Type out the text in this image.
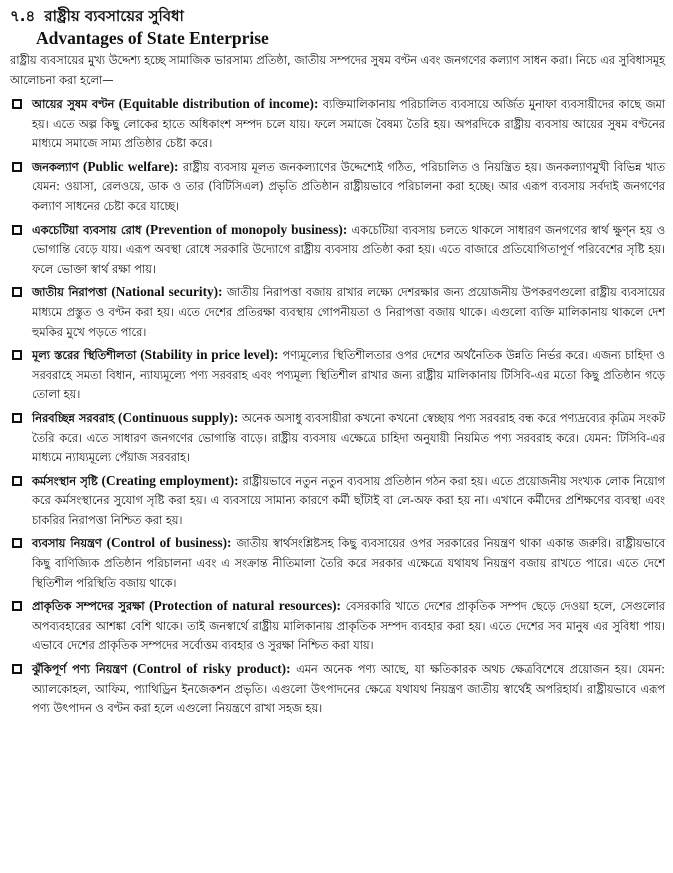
৭.৪ রাষ্ট্রীয় ব্যবসায়ের সুবিধা
Advantages of State Enterprise

রাষ্ট্রীয় ব্যবসায়ের মুখ্য উদ্দেশ্য হচ্ছে সামাজিক ভারসাম্য প্রতিষ্ঠা, জাতীয় সম্পদের সুষম বণ্টন এবং জনগণের কল্যাণ সাধন করা। নিচে এর সুবিধাসমূহ আলোচনা করা হলো—

আয়ের সুষম বণ্টন (Equitable distribution of income): ব্যক্তিমালিকানায় পরিচালিত ব্যবসায়ে অর্জিত মুনাফা ব্যবসায়ীদের কাছে জমা হয়। এতে অল্প কিছু লোকের হাতে অধিকাংশ সম্পদ চলে যায়। ফলে সমাজে বৈষম্য তৈরি হয়। অপরদিকে রাষ্ট্রীয় ব্যবসায় আয়ের সুষম বণ্টনের মাধ্যমে সমাজে সাম্য প্রতিষ্ঠার চেষ্টা করে।
জনকল্যাণ (Public welfare): রাষ্ট্রীয় ব্যবসায় মূলত জনকল্যাণের উদ্দেশ্যেই গঠিত, পরিচালিত ও নিয়ন্ত্রিত হয়। জনকল্যাণমুখী বিভিন্ন খাত যেমন: ওয়াসা, রেলওয়ে, ডাক ও তার (বিটিসিএল) প্রভৃতি প্রতিষ্ঠান রাষ্ট্রীয়ভাবে পরিচালনা করা হচ্ছে। আর এরূপ ব্যবসায় সর্বদাই জনগণের কল্যাণ সাধনের চেষ্টা করে যাচ্ছে।
একচেটিয়া ব্যবসায় রোধ (Prevention of monopoly business): একচেটিয়া ব্যবসায় চলতে থাকলে সাধারণ জনগণের স্বার্থ ক্ষুণ্ন হয় ও ভোগান্তি বেড়ে যায়। এরূপ অবস্থা রোধে সরকারি উদ্যোগে রাষ্ট্রীয় ব্যবসায় প্রতিষ্ঠা করা হয়। এতে বাজারে প্রতিযোগিতাপূর্ণ পরিবেশের সৃষ্টি হয়। ফলে ভোক্তা স্বার্থ রক্ষা পায়।
জাতীয় নিরাপত্তা (National security): জাতীয় নিরাপত্তা বজায় রাখার লক্ষ্যে দেশরক্ষার জন্য প্রয়োজনীয় উপকরণগুলো রাষ্ট্রীয় ব্যবসায়ের মাধ্যমে প্রস্তুত ও বণ্টন করা হয়। এতে দেশের প্রতিরক্ষা ব্যবস্থায় গোপনীয়তা ও নিরাপত্তা বজায় থাকে। এগুলো ব্যক্তি মালিকানায় থাকলে দেশ হুমকির মুখে পড়তে পারে।
মূল্য স্তরের স্থিতিশীলতা (Stability in price level): পণ্যমূল্যের স্থিতিশীলতার ওপর দেশের অর্থনৈতিক উন্নতি নির্ভর করে। এজন্য চাহিদা ও সরবরাহে সমতা বিধান, ন্যায্যমূল্যে পণ্য সরবরাহ এবং পণ্যমূল্য স্থিতিশীল রাখার জন্য রাষ্ট্রীয় মালিকানায় টিসিবি-এর মতো কিছু প্রতিষ্ঠান গড়ে তোলা হয়।
নিরবচ্ছিন্ন সরবরাহ (Continuous supply): অনেক অসাধু ব্যবসায়ীরা কখনো কখনো স্বেচ্ছায় পণ্য সরবরাহ বন্ধ করে পণ্যদ্রব্যের কৃত্রিম সংকট তৈরি করে। এতে সাধারণ জনগণের ভোগান্তি বাড়ে। রাষ্ট্রীয় ব্যবসায় এক্ষেত্রে চাহিদা অনুযায়ী নিয়মিত পণ্য সরবরাহ করে। যেমন: টিসিবি-এর মাধ্যমে ন্যায্যমূল্যে পেঁয়াজ সরবরাহ।
কর্মসংস্থান সৃষ্টি (Creating employment): রাষ্ট্রীয়ভাবে নতুন নতুন ব্যবসায় প্রতিষ্ঠান গঠন করা হয়। এতে প্রয়োজনীয় সংখ্যক লোক নিয়োগ করে কর্মসংস্থানের সুযোগ সৃষ্টি করা হয়। এ ব্যবসায়ে সামান্য কারণে কর্মী ছাঁটাই বা লে-অফ করা হয় না। এখানে কর্মীদের প্রশিক্ষণের ব্যবস্থা এবং চাকরির নিরাপত্তা নিশ্চিত করা হয়।
ব্যবসায় নিয়ন্ত্রণ (Control of business): জাতীয় স্বার্থসংশ্লিষ্টসহ কিছু ব্যবসায়ের ওপর সরকারের নিয়ন্ত্রণ থাকা একান্ত জরুরি। রাষ্ট্রীয়ভাবে কিছু বাণিজ্যিক প্রতিষ্ঠান পরিচালনা এবং এ সংক্রান্ত নীতিমালা তৈরি করে সরকার এক্ষেত্রে যথাযথ নিয়ন্ত্রণ বজায় রাখতে পারে। এতে দেশে স্থিতিশীল পরিস্থিতি বজায় থাকে।
প্রাকৃতিক সম্পদের সুরক্ষা (Protection of natural resources): বেসরকারি খাতে দেশের প্রাকৃতিক সম্পদ ছেড়ে দেওয়া হলে, সেগুলোর অপব্যবহারের আশঙ্কা বেশি থাকে। তাই জনস্বার্থে রাষ্ট্রীয় মালিকানায় প্রাকৃতিক সম্পদ ব্যবহার করা হয়। এতে দেশের সব মানুষ এর সুবিধা পায়। এভাবে দেশের প্রাকৃতিক সম্পদের সর্বোত্তম ব্যবহার ও সুরক্ষা নিশ্চিত করা যায়।
ঝুঁকিপূর্ণ পণ্য নিয়ন্ত্রণ (Control of risky product): এমন অনেক পণ্য আছে, যা ক্ষতিকারক অথচ ক্ষেত্রবিশেষে প্রয়োজন হয়। যেমন: অ্যালকোহল, আফিম, প্যাথিড্রিন ইনজেকশন প্রভৃতি। এগুলো উৎপাদনের ক্ষেত্রে যথাযথ নিয়ন্ত্রণ জাতীয় স্বার্থেই অপরিহার্য। রাষ্ট্রীয়ভাবে এরূপ পণ্য উৎপাদন ও বণ্টন করা হলে এগুলো নিয়ন্ত্রণে রাখা সহজ হয়।
